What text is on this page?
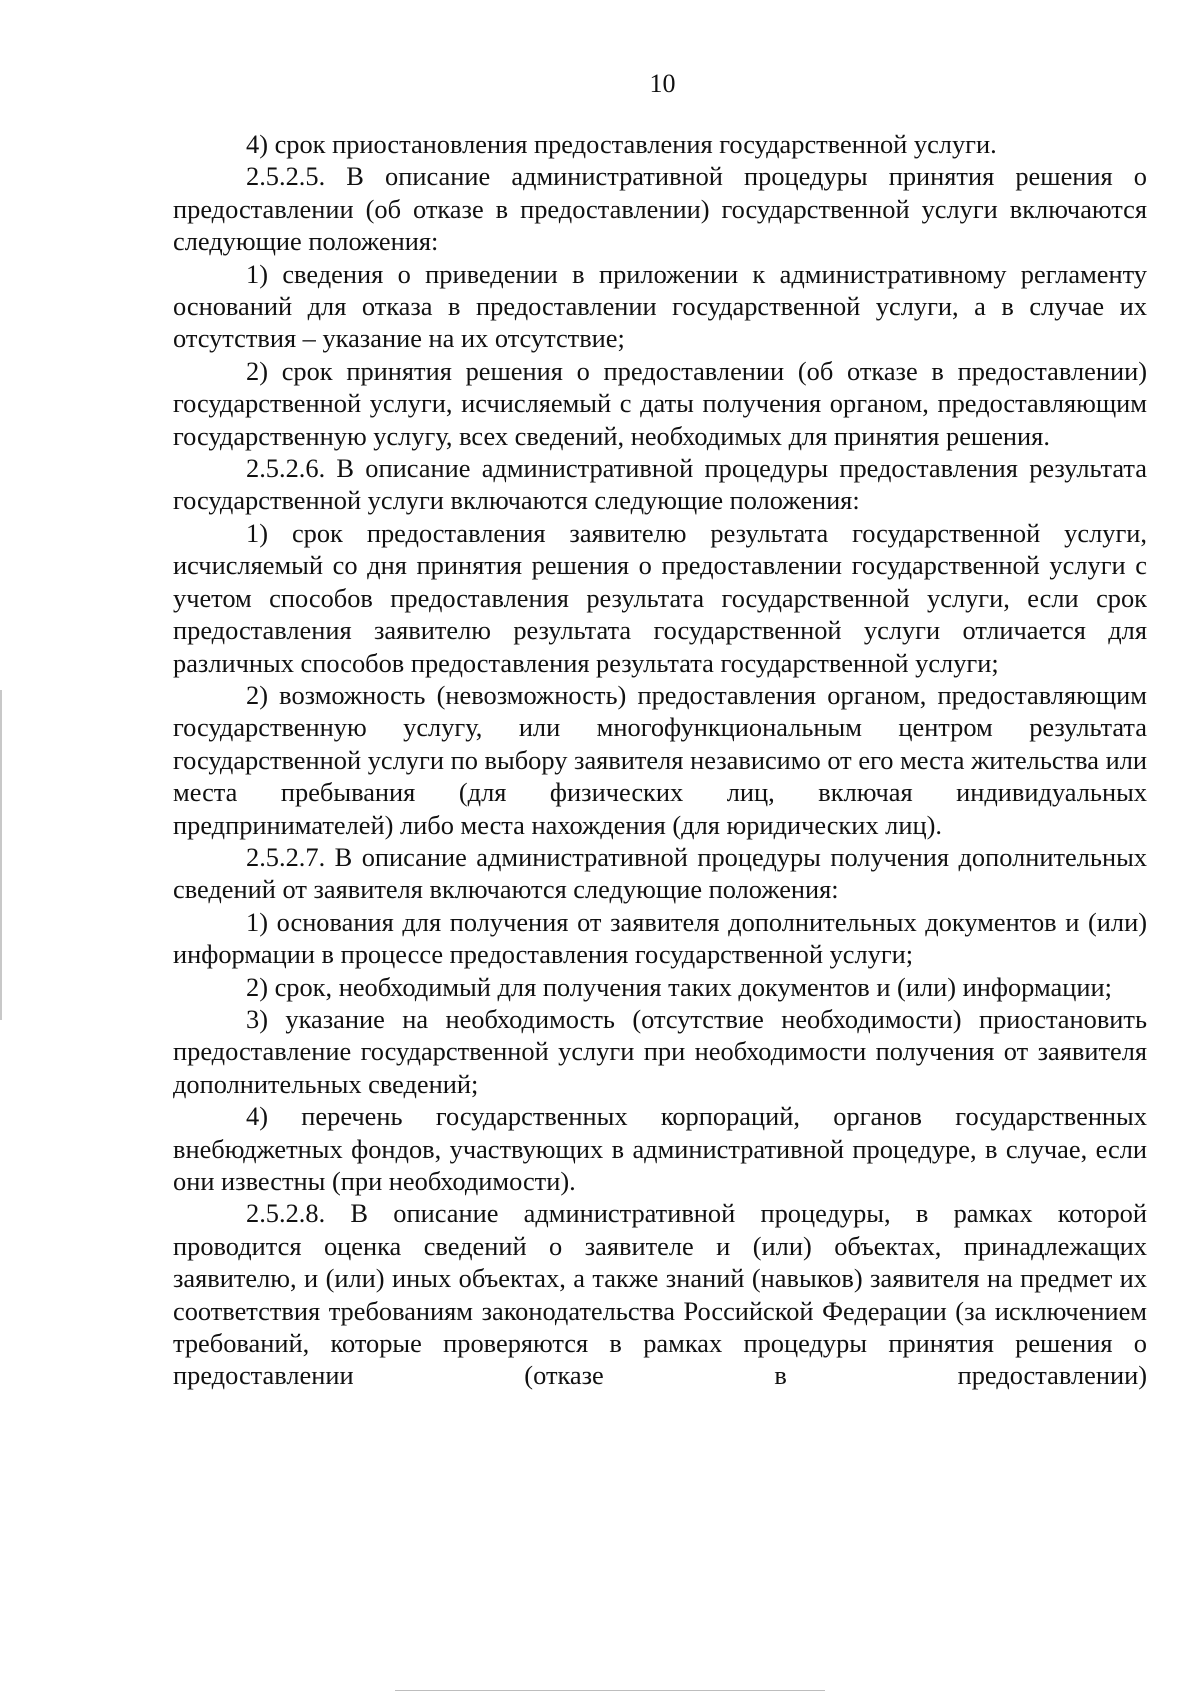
10

4) срок приостановления предоставления государственной услуги.

2.5.2.5. В описание административной процедуры принятия решения о предоставлении (об отказе в предоставлении) государственной услуги включаются следующие положения:

1) сведения о приведении в приложении к административному регламенту оснований для отказа в предоставлении государственной услуги, а в случае их отсутствия – указание на их отсутствие;

2) срок принятия решения о предоставлении (об отказе в предоставлении) государственной услуги, исчисляемый с даты получения органом, предоставляющим государственную услугу, всех сведений, необходимых для принятия решения.

2.5.2.6. В описание административной процедуры предоставления результата государственной услуги включаются следующие положения:

1) срок предоставления заявителю результата государственной услуги, исчисляемый со дня принятия решения о предоставлении государственной услуги с учетом способов предоставления результата государственной услуги, если срок предоставления заявителю результата государственной услуги отличается для различных способов предоставления результата государственной услуги;

2) возможность (невозможность) предоставления органом, предоставляющим государственную услугу, или многофункциональным центром результата государственной услуги по выбору заявителя независимо от его места жительства или места пребывания (для физических лиц, включая индивидуальных предпринимателей) либо места нахождения (для юридических лиц).

2.5.2.7. В описание административной процедуры получения дополнительных сведений от заявителя включаются следующие положения:

1) основания для получения от заявителя дополнительных документов и (или) информации в процессе предоставления государственной услуги;

2) срок, необходимый для получения таких документов и (или) информации;

3) указание на необходимость (отсутствие необходимости) приостановить предоставление государственной услуги при необходимости получения от заявителя дополнительных сведений;

4) перечень государственных корпораций, органов государственных внебюджетных фондов, участвующих в административной процедуре, в случае, если они известны (при необходимости).

2.5.2.8. В описание административной процедуры, в рамках которой проводится оценка сведений о заявителе и (или) объектах, принадлежащих заявителю, и (или) иных объектах, а также знаний (навыков) заявителя на предмет их соответствия требованиям законодательства Российской Федерации (за исключением требований, которые проверяются в рамках процедуры принятия решения о предоставлении (отказе в предоставлении)
